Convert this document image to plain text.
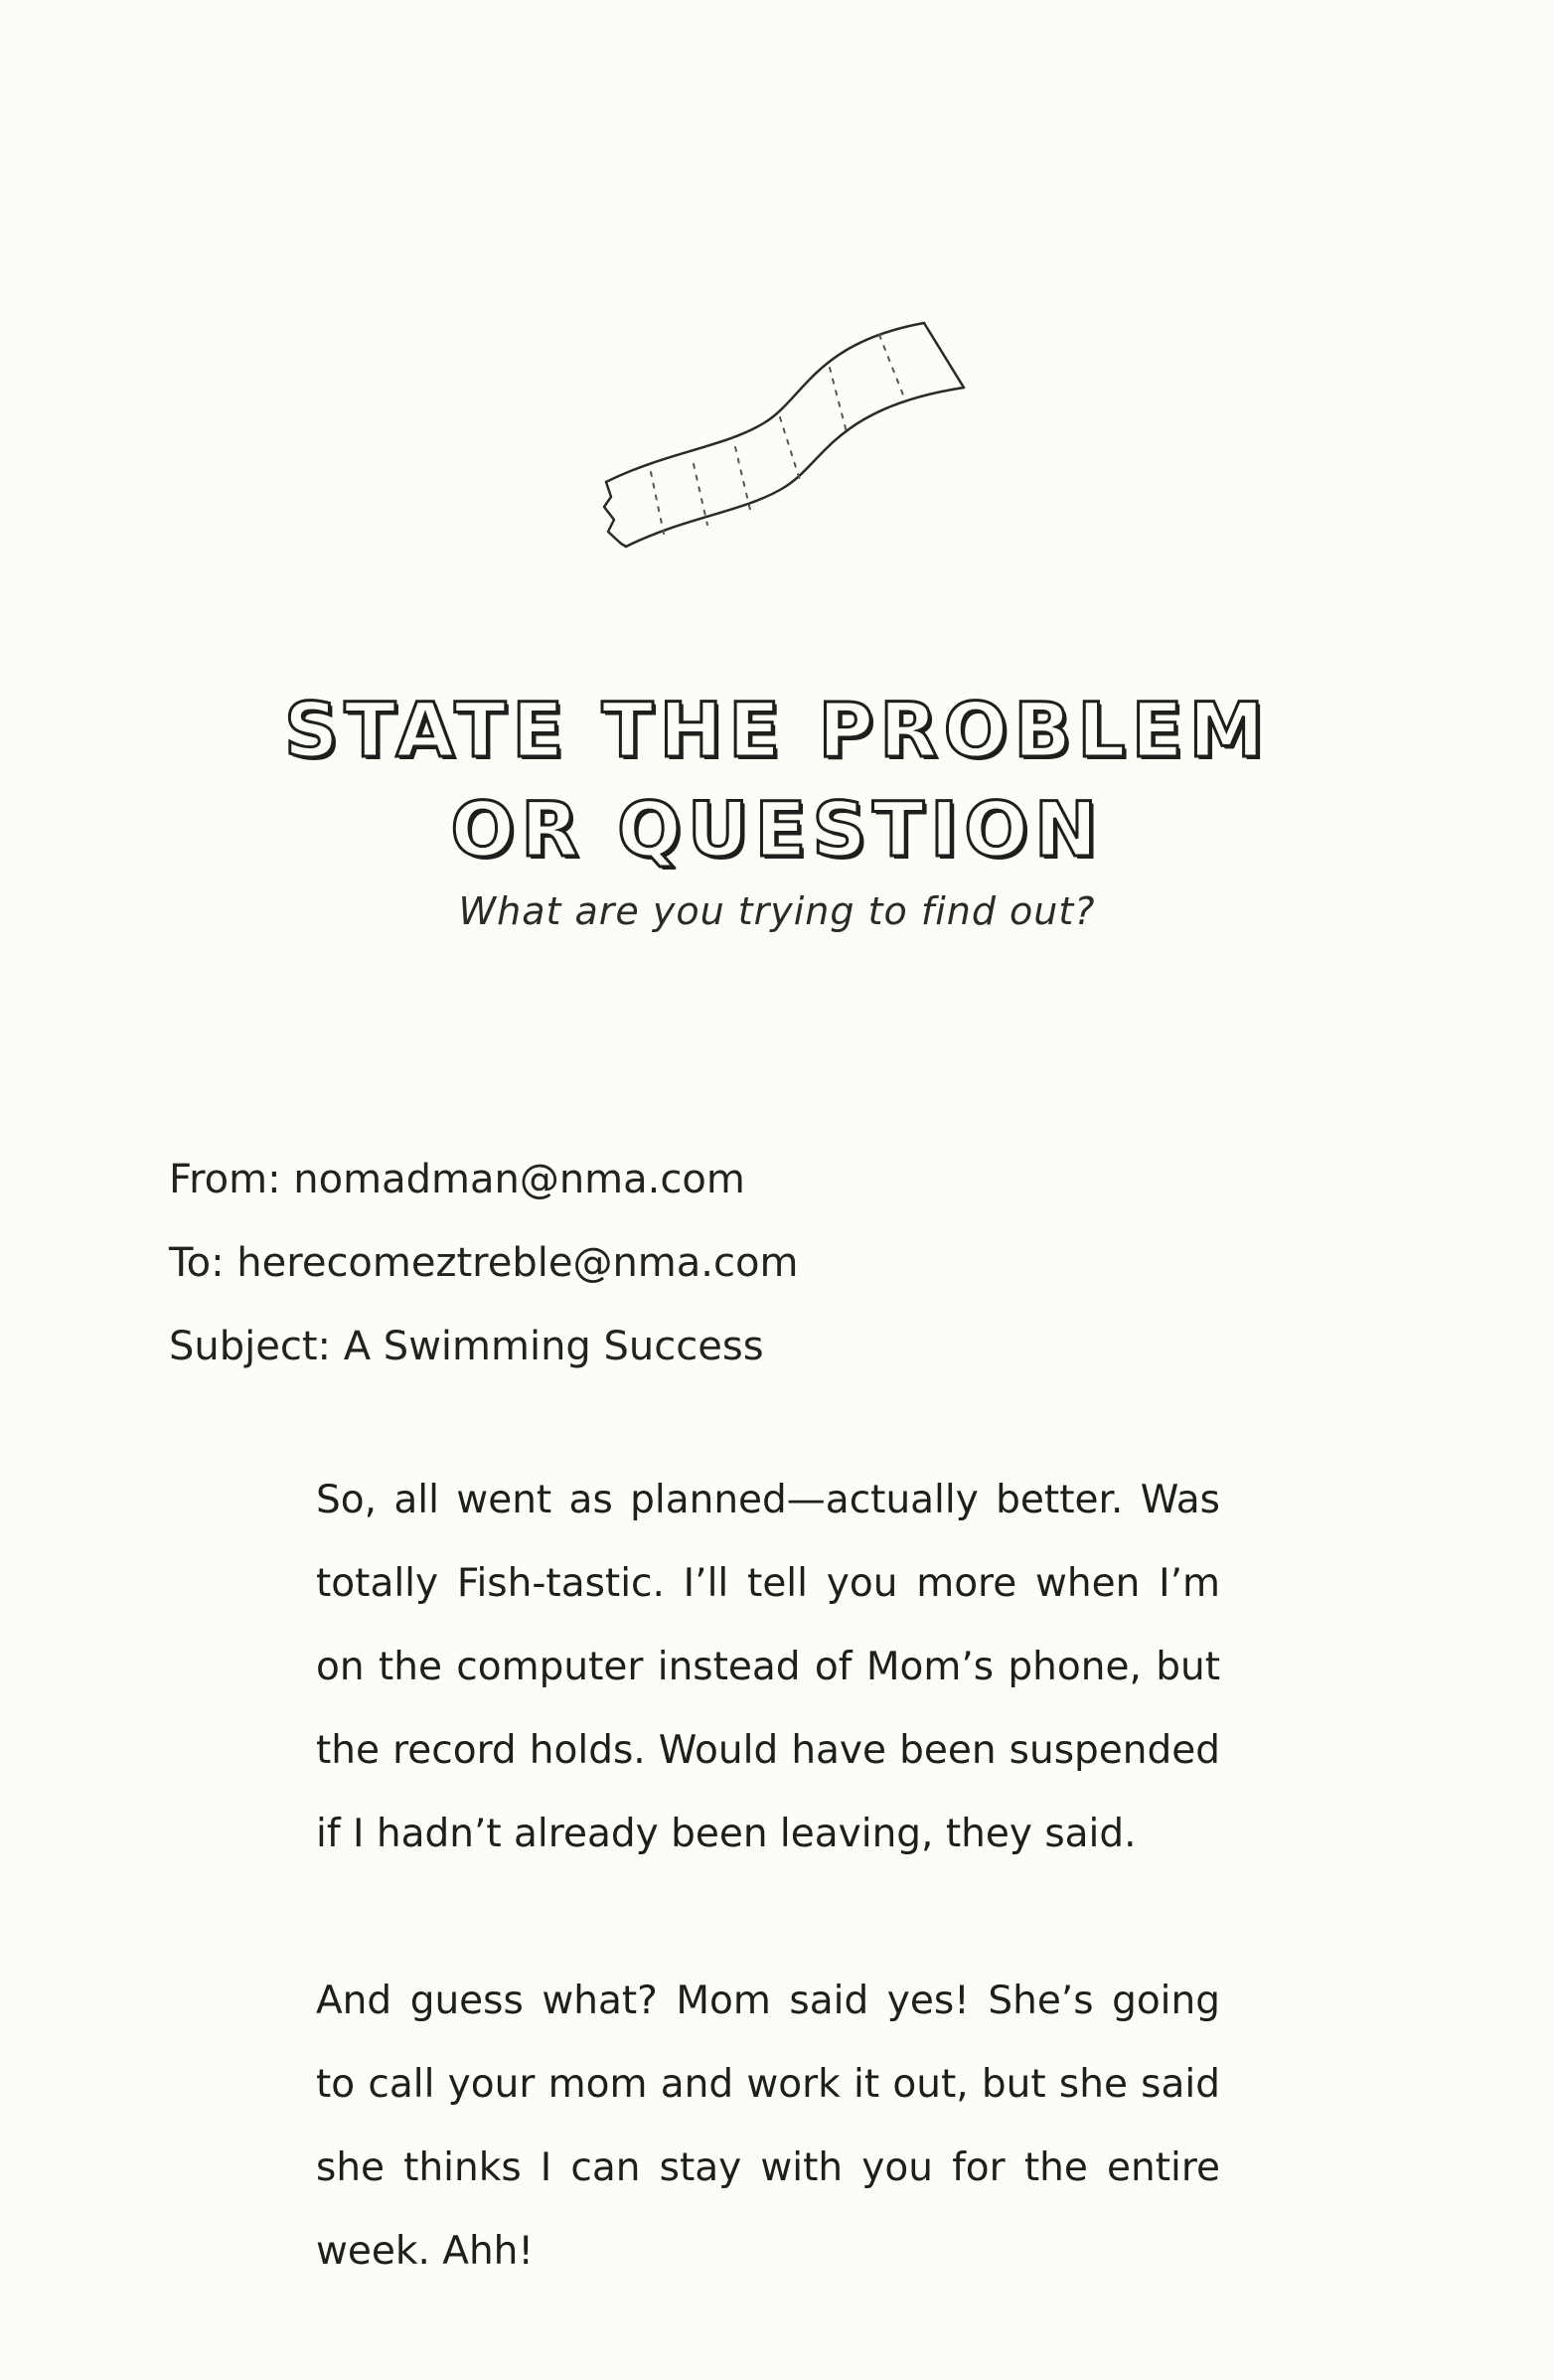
STATE THE PROBLEM
OR QUESTION
What are you trying to find out?
From: nomadman@nma.com
To: herecomeztreble@nma.com
Subject: A Swimming Success

So, all went as planned—actually better. Was totally Fish-tastic. I’ll tell you more when I’m on the computer instead of Mom’s phone, but the record holds. Would have been suspended if I hadn’t already been leaving, they said.

And guess what? Mom said yes! She’s going to call your mom and work it out, but she said she thinks I can stay with you for the entire week. Ahh!
